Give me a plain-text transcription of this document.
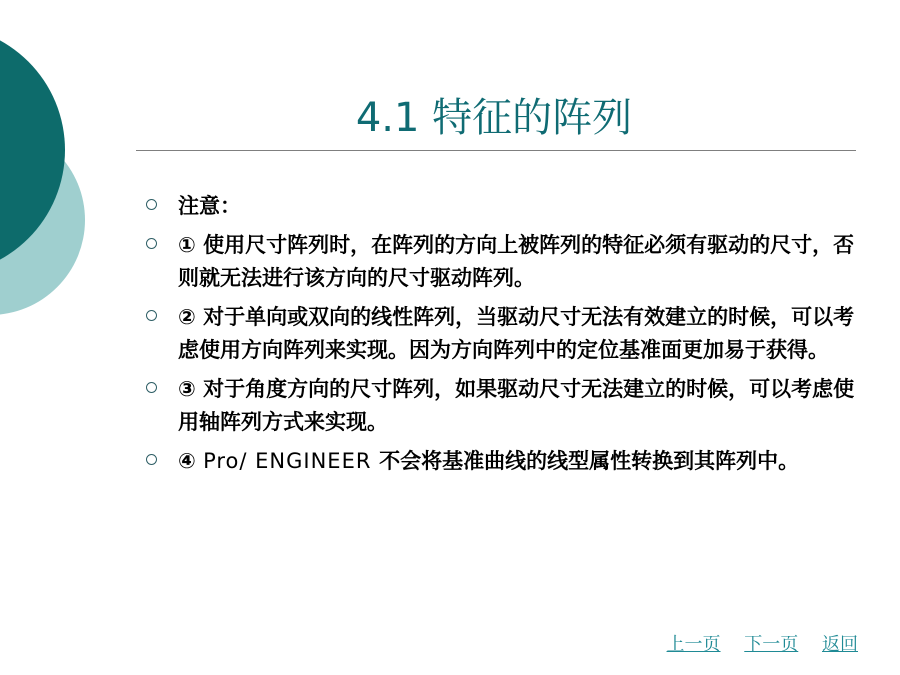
4.1 特征的阵列
注意：
① 使用尺寸阵列时，在阵列的方向上被阵列的特征必须有驱动的尺寸，否则就无法进行该方向的尺寸驱动阵列。
② 对于单向或双向的线性阵列，当驱动尺寸无法有效建立的时候，可以考虑使用方向阵列来实现。因为方向阵列中的定位基准面更加易于获得。
③ 对于角度方向的尺寸阵列，如果驱动尺寸无法建立的时候，可以考虑使用轴阵列方式来实现。
④ Pro/ ENGINEER 不会将基准曲线的线型属性转换到其阵列中。
上一页 下一页 返回
